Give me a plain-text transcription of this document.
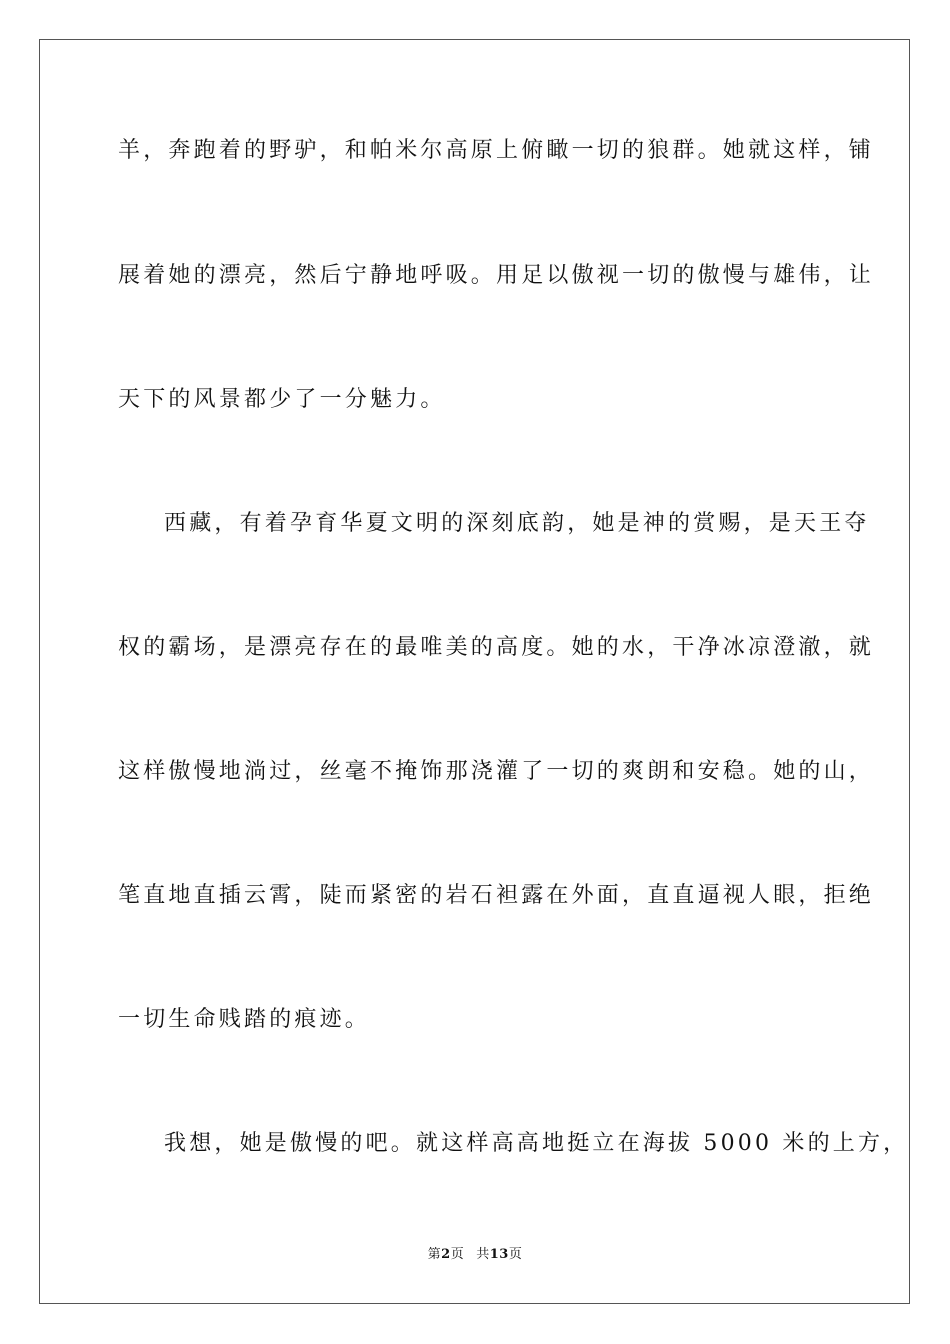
羊，奔跑着的野驴，和帕米尔高原上俯瞰一切的狼群。她就这样，铺
展着她的漂亮，然后宁静地呼吸。用足以傲视一切的傲慢与雄伟，让
天下的风景都少了一分魅力。
西藏，有着孕育华夏文明的深刻底韵，她是神的赏赐，是天王夺
权的霸场，是漂亮存在的最唯美的高度。她的水，干净冰凉澄澈，就
这样傲慢地淌过，丝毫不掩饰那浇灌了一切的爽朗和安稳。她的山，
笔直地直插云霄，陡而紧密的岩石袒露在外面，直直逼视人眼，拒绝
一切生命贱踏的痕迹。
我想，她是傲慢的吧。就这样高高地挺立在海拔 5000 米的上方，
第2页 共13页
